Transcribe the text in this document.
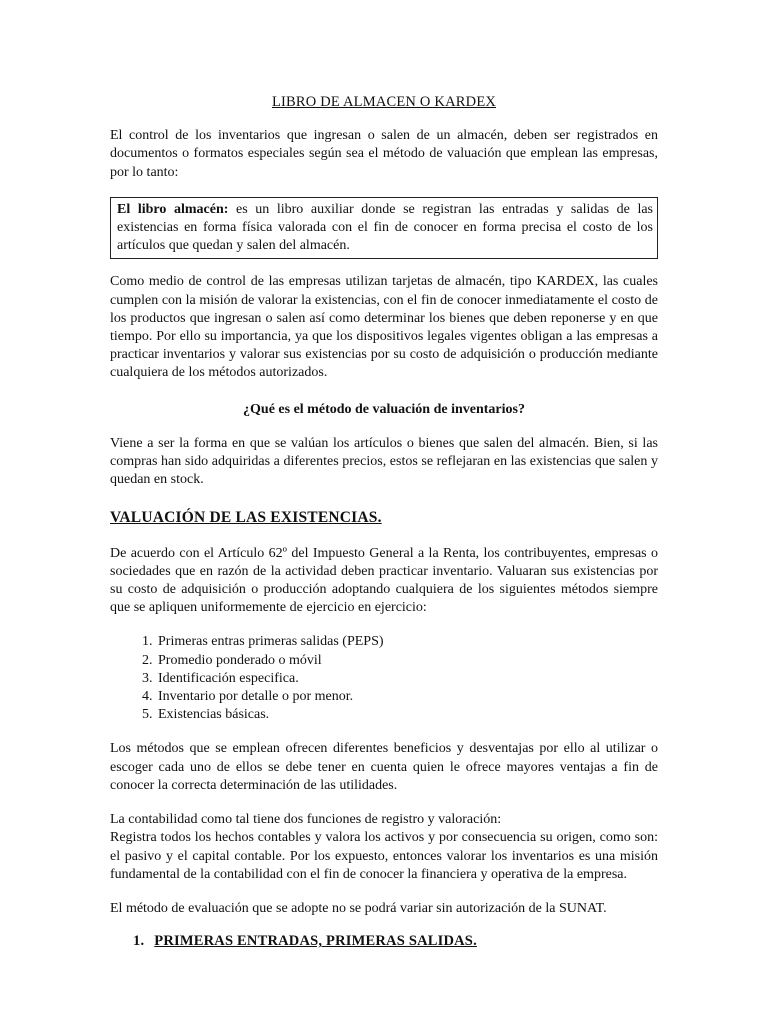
LIBRO DE ALMACEN O KARDEX

El control de los inventarios que ingresan o salen de un almacén, deben ser registrados en documentos o formatos especiales según sea el método de valuación que emplean las empresas, por lo tanto:

El libro almacén: es un libro auxiliar donde se registran las entradas y salidas de las existencias en forma física valorada con el fin de conocer en forma precisa el costo de los artículos que quedan y salen del almacén.

Como medio de control de las empresas utilizan tarjetas de almacén, tipo KARDEX, las cuales cumplen con la misión de valorar la existencias, con el fin de conocer inmediatamente el costo de los productos que ingresan o salen así como determinar los bienes que deben reponerse y en que tiempo. Por ello su importancia, ya que los dispositivos legales vigentes obligan a las empresas a practicar inventarios y valorar sus existencias por su costo de adquisición o producción mediante cualquiera de los métodos autorizados.

¿Qué es el método de valuación de inventarios?

Viene a ser la forma en que se valúan los artículos o bienes que salen del almacén. Bien, si las compras han sido adquiridas a diferentes precios, estos se reflejaran en las existencias que salen y quedan en stock.

VALUACIÓN DE LAS EXISTENCIAS.

De acuerdo con el Artículo 62º del Impuesto General a la Renta, los contribuyentes, empresas o sociedades que en razón de la actividad deben practicar inventario. Valuaran sus existencias por su costo de adquisición o producción adoptando cualquiera de los siguientes métodos siempre que se apliquen uniformemente de ejercicio en ejercicio:

1. Primeras entras primeras salidas (PEPS)
2. Promedio ponderado o móvil
3. Identificación especifica.
4. Inventario por detalle o por menor.
5. Existencias básicas.

Los métodos que se emplean ofrecen diferentes beneficios y desventajas por ello al utilizar o escoger cada uno de ellos se debe tener en cuenta quien le ofrece mayores ventajas a fin de conocer la correcta determinación de las utilidades.

La contabilidad como tal tiene dos funciones de registro y valoración:

Registra todos los hechos contables y valora los activos y por consecuencia su origen, como son: el pasivo y el capital contable. Por los expuesto, entonces valorar los inventarios es una misión fundamental de la contabilidad con el fin de conocer la financiera y operativa de la empresa.

El método de evaluación que se adopte no se podrá variar sin autorización de la SUNAT.

1. PRIMERAS ENTRADAS, PRIMERAS SALIDAS.
